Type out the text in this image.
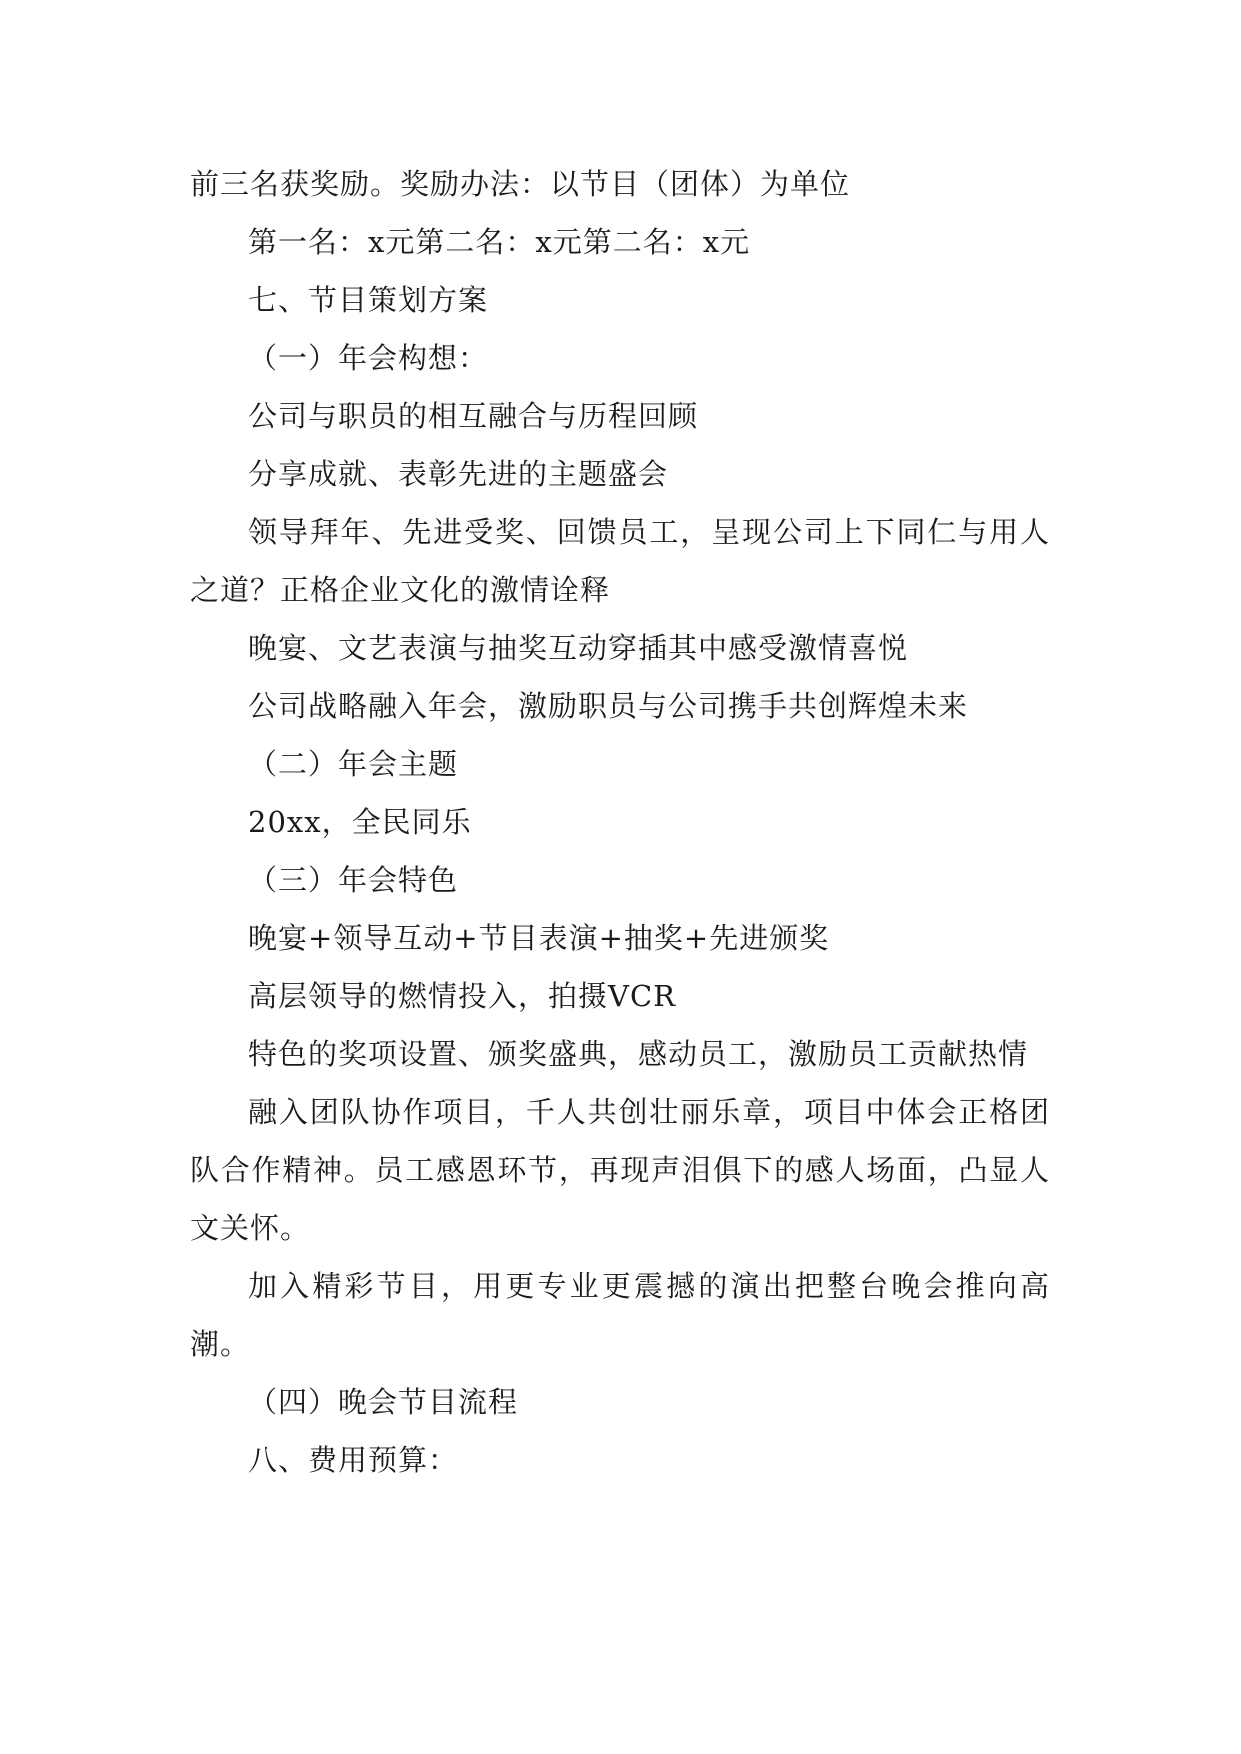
前三名获奖励。奖励办法：以节目（团体）为单位

第一名：x元第二名：x元第二名：x元

七、节目策划方案

（一）年会构想：

公司与职员的相互融合与历程回顾

分享成就、表彰先进的主题盛会

领导拜年、先进受奖、回馈员工，呈现公司上下同仁与用人之道？正格企业文化的激情诠释

晚宴、文艺表演与抽奖互动穿插其中感受激情喜悦

公司战略融入年会，激励职员与公司携手共创辉煌未来

（二）年会主题

20xx，全民同乐

（三）年会特色

晚宴+领导互动+节目表演+抽奖+先进颁奖

高层领导的燃情投入，拍摄VCR

特色的奖项设置、颁奖盛典，感动员工，激励员工贡献热情

融入团队协作项目，千人共创壮丽乐章，项目中体会正格团队合作精神。员工感恩环节，再现声泪俱下的感人场面，凸显人文关怀。

加入精彩节目，用更专业更震撼的演出把整台晚会推向高潮。

（四）晚会节目流程

八、费用预算：
